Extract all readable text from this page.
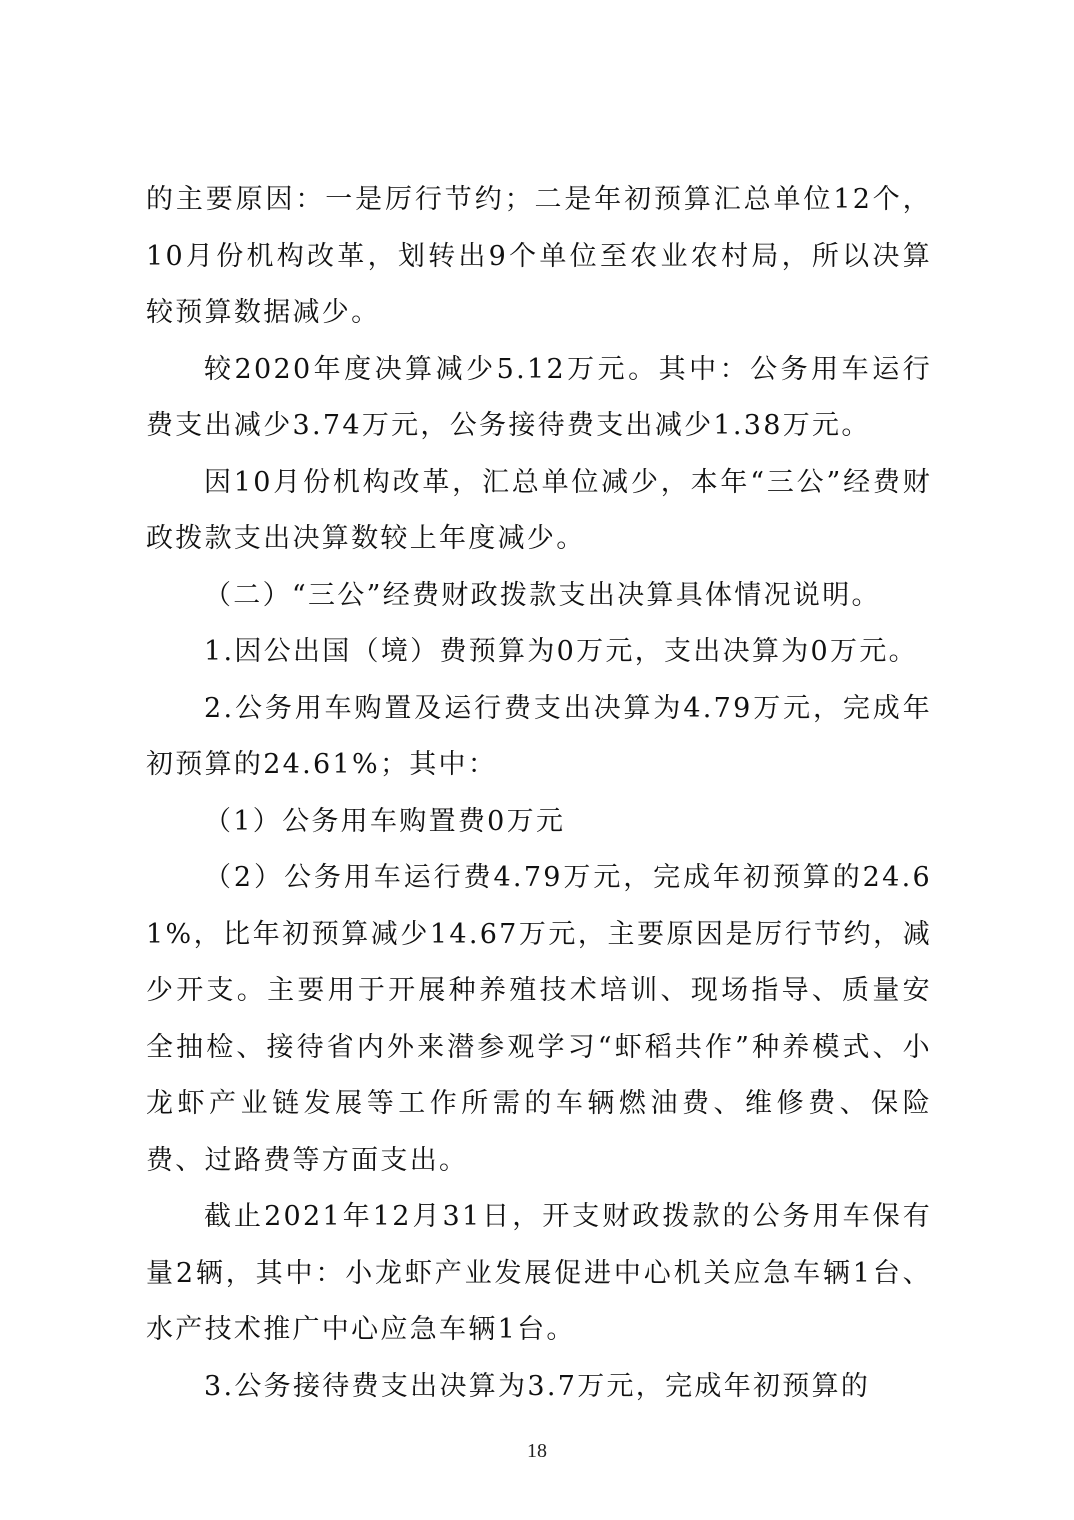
的主要原因：一是厉行节约；二是年初预算汇总单位12个，10月份机构改革，划转出9个单位至农业农村局，所以决算较预算数据减少。

较2020年度决算减少5.12万元。其中：公务用车运行费支出减少3.74万元，公务接待费支出减少1.38万元。

因10月份机构改革，汇总单位减少，本年“三公”经费财政拨款支出决算数较上年度减少。

（二）“三公”经费财政拨款支出决算具体情况说明。

1.因公出国（境）费预算为0万元，支出决算为0万元。

2.公务用车购置及运行费支出决算为4.79万元，完成年初预算的24.61%；其中：

（1）公务用车购置费0万元

（2）公务用车运行费4.79万元，完成年初预算的24.61%，比年初预算减少14.67万元，主要原因是厉行节约，减少开支。主要用于开展种养殖技术培训、现场指导、质量安全抽检、接待省内外来潜参观学习“虾稻共作”种养模式、小龙虾产业链发展等工作所需的车辆燃油费、维修费、保险费、过路费等方面支出。

截止2021年12月31日，开支财政拨款的公务用车保有量2辆，其中：小龙虾产业发展促进中心机关应急车辆1台、水产技术推广中心应急车辆1台。

3.公务接待费支出决算为3.7万元，完成年初预算的

18
